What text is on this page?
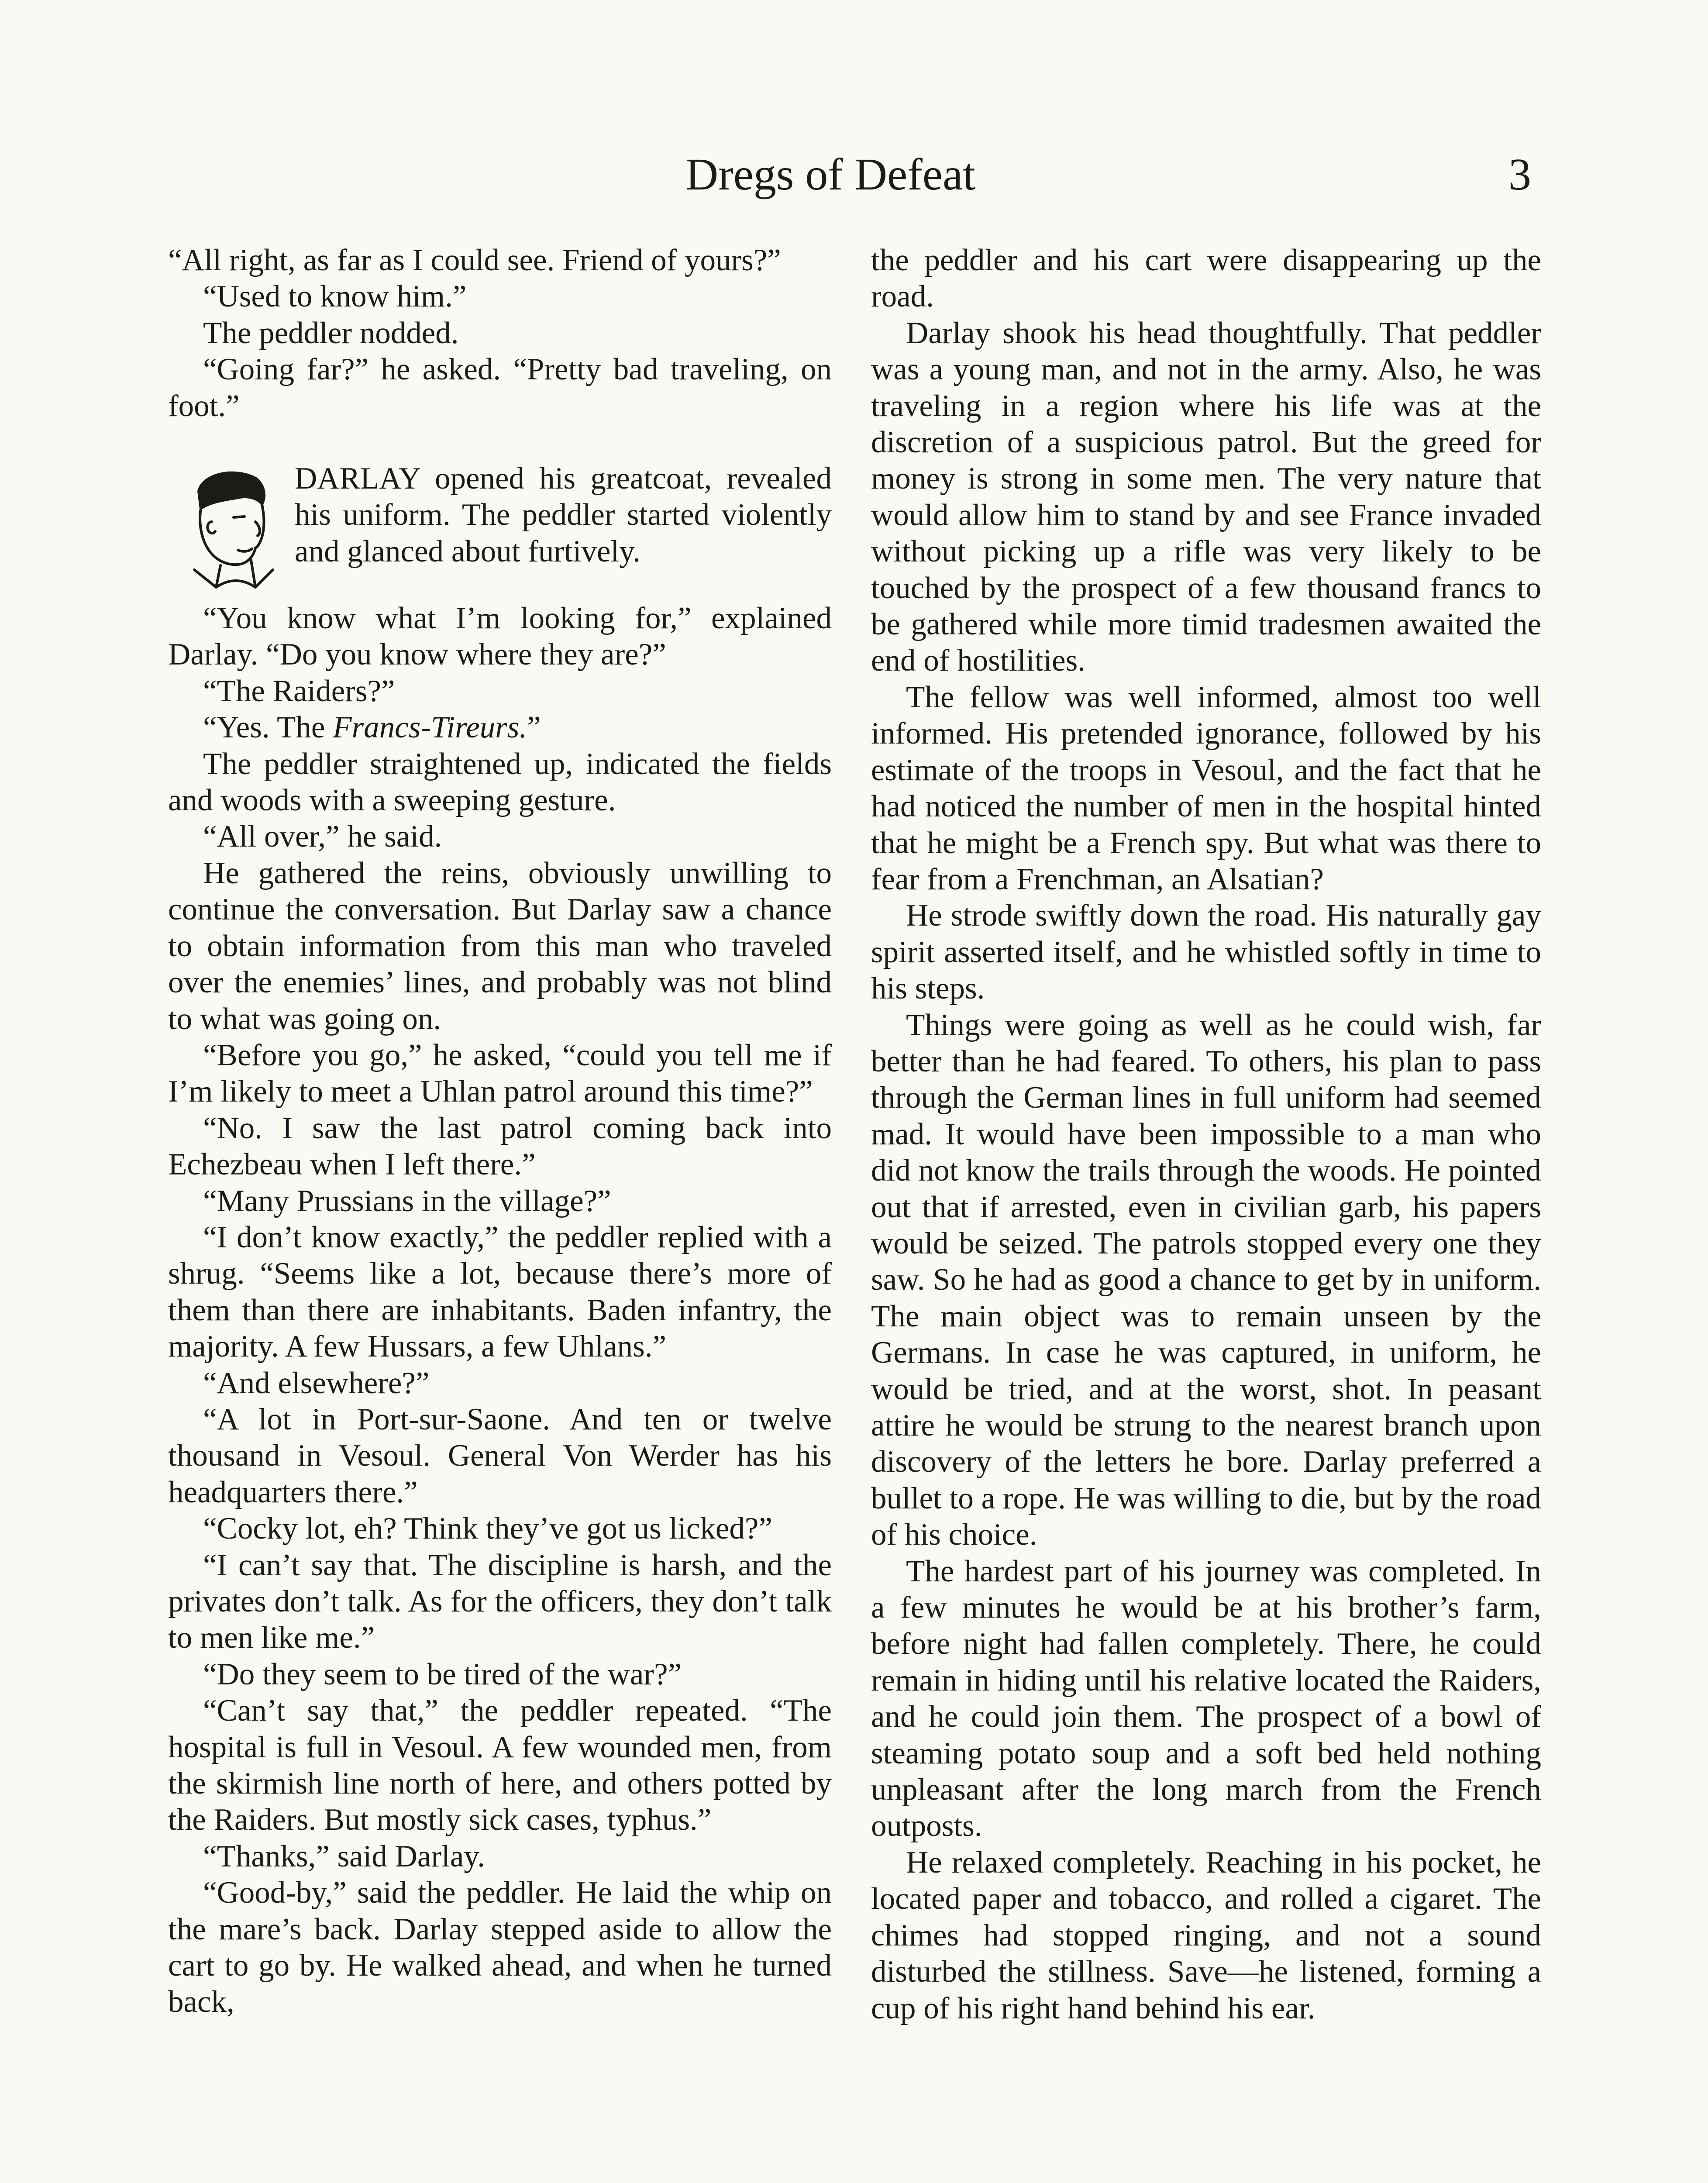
Dregs of Defeat	3

“All right, as far as I could see. Friend of yours?”

“Used to know him.”

The peddler nodded.

“Going far?” he asked. “Pretty bad traveling, on foot.”

DARLAY opened his greatcoat, revealed his uniform. The peddler started violently and glanced about furtively.

“You know what I’m looking for,” explained Darlay. “Do you know where they are?”

“The Raiders?”

“Yes. The Francs-Tireurs.”

The peddler straightened up, indicated the fields and woods with a sweeping gesture.

“All over,” he said.

He gathered the reins, obviously unwilling to continue the conversation. But Darlay saw a chance to obtain information from this man who traveled over the enemies’ lines, and probably was not blind to what was going on.

“Before you go,” he asked, “could you tell me if I’m likely to meet a Uhlan patrol around this time?”

“No. I saw the last patrol coming back into Echezbeau when I left there.”

“Many Prussians in the village?”

“I don’t know exactly,” the peddler replied with a shrug. “Seems like a lot, because there’s more of them than there are inhabitants. Baden infantry, the majority. A few Hussars, a few Uhlans.”

“And elsewhere?”

“A lot in Port-sur-Saone. And ten or twelve thousand in Vesoul. General Von Werder has his headquarters there.”

“Cocky lot, eh? Think they’ve got us licked?”

“I can’t say that. The discipline is harsh, and the privates don’t talk. As for the officers, they don’t talk to men like me.”

“Do they seem to be tired of the war?”

“Can’t say that,” the peddler repeated. “The hospital is full in Vesoul. A few wounded men, from the skirmish line north of here, and others potted by the Raiders. But mostly sick cases, typhus.”

“Thanks,” said Darlay.

“Good-by,” said the peddler. He laid the whip on the mare’s back. Darlay stepped aside to allow the cart to go by. He walked ahead, and when he turned back,

the peddler and his cart were disappearing up the road.

Darlay shook his head thoughtfully. That peddler was a young man, and not in the army. Also, he was traveling in a region where his life was at the discretion of a suspicious patrol. But the greed for money is strong in some men. The very nature that would allow him to stand by and see France invaded without picking up a rifle was very likely to be touched by the prospect of a few thousand francs to be gathered while more timid tradesmen awaited the end of hostilities.

The fellow was well informed, almost too well informed. His pretended ignorance, followed by his estimate of the troops in Vesoul, and the fact that he had noticed the number of men in the hospital hinted that he might be a French spy. But what was there to fear from a Frenchman, an Alsatian?

He strode swiftly down the road. His naturally gay spirit asserted itself, and he whistled softly in time to his steps.

Things were going as well as he could wish, far better than he had feared. To others, his plan to pass through the German lines in full uniform had seemed mad. It would have been impossible to a man who did not know the trails through the woods. He pointed out that if arrested, even in civilian garb, his papers would be seized. The patrols stopped every one they saw. So he had as good a chance to get by in uniform. The main object was to remain unseen by the Germans. In case he was captured, in uniform, he would be tried, and at the worst, shot. In peasant attire he would be strung to the nearest branch upon discovery of the letters he bore. Darlay preferred a bullet to a rope. He was willing to die, but by the road of his choice.

The hardest part of his journey was completed. In a few minutes he would be at his brother’s farm, before night had fallen completely. There, he could remain in hiding until his relative located the Raiders, and he could join them. The prospect of a bowl of steaming potato soup and a soft bed held nothing unpleasant after the long march from the French outposts.

He relaxed completely. Reaching in his pocket, he located paper and tobacco, and rolled a cigaret. The chimes had stopped ringing, and not a sound disturbed the stillness. Save—he listened, forming a cup of his right hand behind his ear.
